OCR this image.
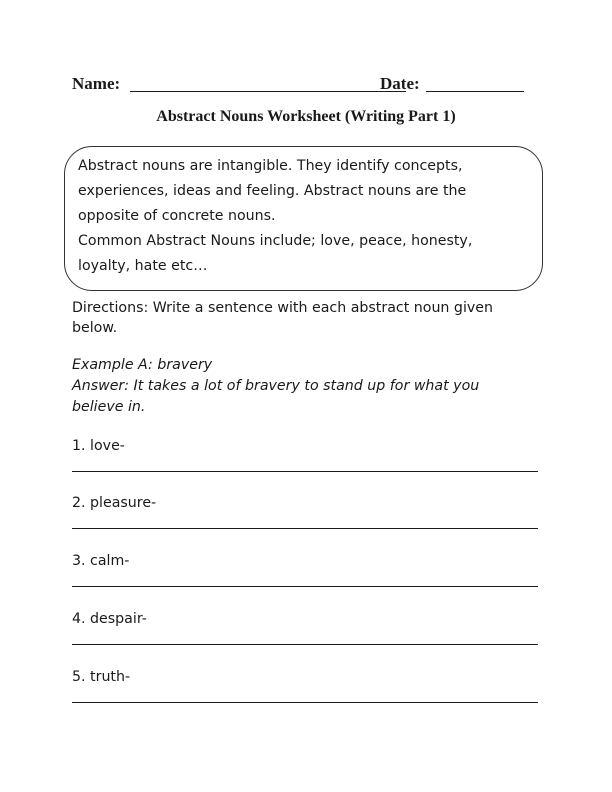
Name:	Date:
Abstract Nouns Worksheet (Writing Part 1)
Abstract nouns are intangible. They identify concepts,
experiences, ideas and feeling. Abstract nouns are the
opposite of concrete nouns.
Common Abstract Nouns include; love, peace, honesty,
loyalty, hate etc…
Directions: Write a sentence with each abstract noun given
below.
Example A: bravery
Answer: It takes a lot of bravery to stand up for what you
believe in.
1. love-
2. pleasure-
3. calm-
4. despair-
5. truth-
